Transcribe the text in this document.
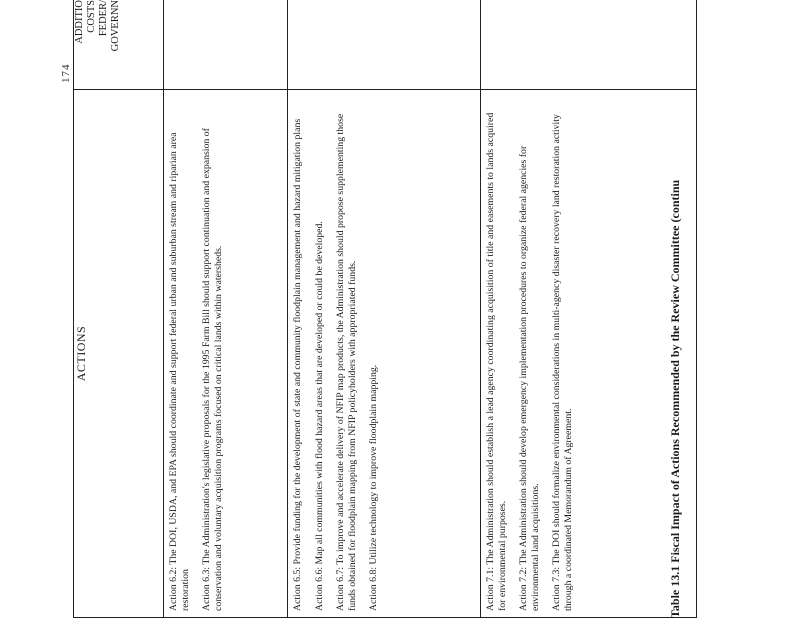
174
ACTIONS	ADDITIO COSTS FEDER/ GOVERNN

Action 6.2: The DOI, USDA, and EPA should coordinate and support federal urban and suburban stream and riparian area restoration Action 6.3: The Administration's legislative proposals for the 1995 Farm Bill should support continuation and expansion of conservation and voluntary acquisition programs focused on critical lands within watersheds.	

Action 6.5: Provide funding for the development of state and community floodplain management and hazard mitigation plans Action 6.6: Map all communities with flood hazard areas that are developed or could be developed. Action 6.7: To improve and accelerate delivery of NFIP map products, the Administration should propose supplementing those funds obtained for floodplain mapping from NFIP policyholders with appropriated funds. Action 6.8: Utilize technology to improve floodplain mapping.	

Action 7.1: The Administration should establish a lead agency coordinating acquisition of title and easements to lands acquired for environmental purposes. Action 7.2: The Administration should develop emergency implementation procedures to organize federal agencies for environmental land acquisitions. Action 7.3: The DOI should formalize environmental considerations in multi-agency disaster recovery land restoration activity through a coordinated Memorandum of Agreement.	
		Table 13.1 Fiscal Impact of Actions Recommended by the Review Committee (continu
